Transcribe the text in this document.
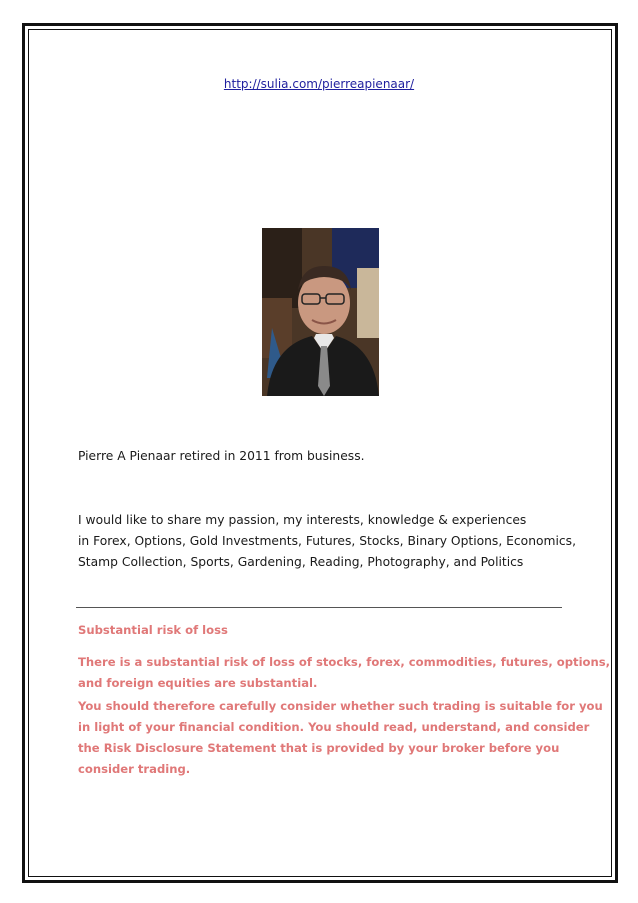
http://sulia.com/pierreapienaar/
Pierre A Pienaar retired in 2011 from business.
I would like to share my passion, my interests, knowledge & experiences
in Forex, Options, Gold Investments, Futures, Stocks, Binary Options, Economics,
Stamp Collection, Sports, Gardening, Reading, Photography, and Politics
Substantial risk of loss
There is a substantial risk of loss of stocks, forex, commodities, futures, options,
and foreign equities are substantial.
You should therefore carefully consider whether such trading is suitable for you
in light of your financial condition. You should read, understand, and consider
the Risk Disclosure Statement that is provided by your broker before you
consider trading.
